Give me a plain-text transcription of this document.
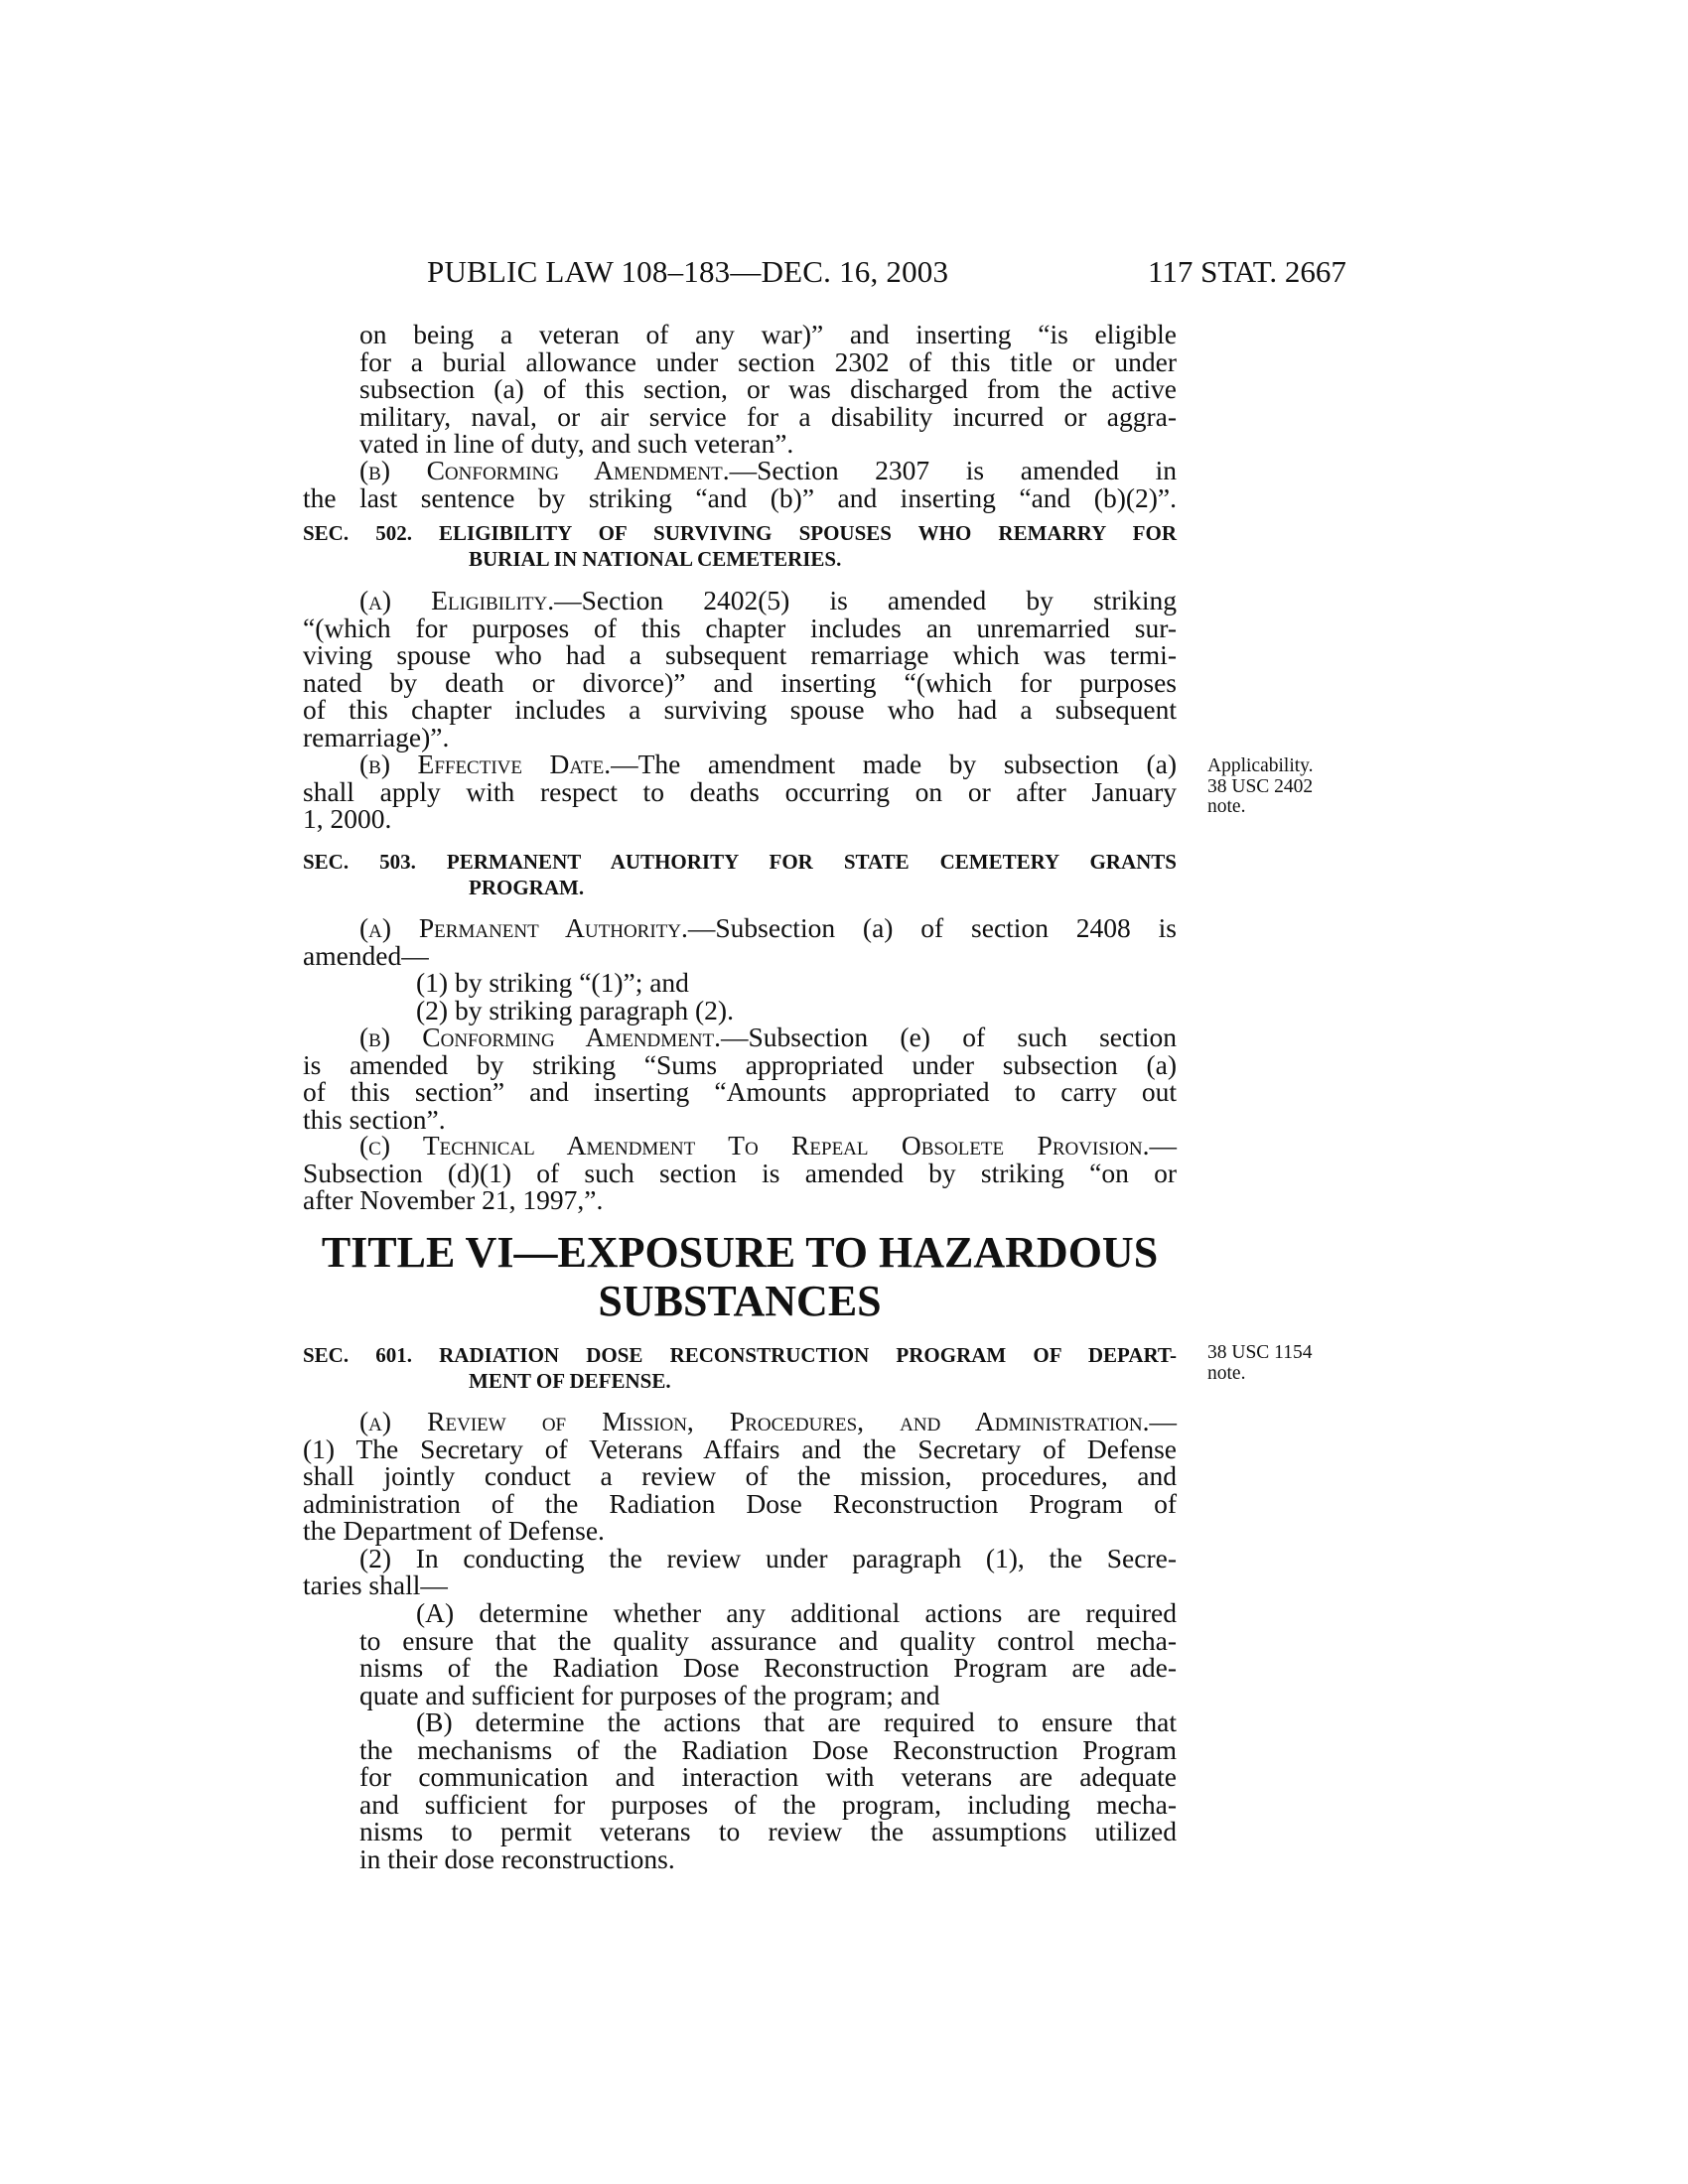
PUBLIC LAW 108–183—DEC. 16, 2003	117 STAT. 2667
on being a veteran of any war)” and inserting “is eligible
for a burial allowance under section 2302 of this title or under
subsection (a) of this section, or was discharged from the active
military, naval, or air service for a disability incurred or aggra-
vated in line of duty, and such veteran”.
(b) Conforming Amendment.—Section 2307 is amended in
the last sentence by striking “and (b)” and inserting “and (b)(2)”.
SEC. 502. ELIGIBILITY OF SURVIVING SPOUSES WHO REMARRY FOR
BURIAL IN NATIONAL CEMETERIES.
(a) Eligibility.—Section 2402(5) is amended by striking
“(which for purposes of this chapter includes an unremarried sur-
viving spouse who had a subsequent remarriage which was termi-
nated by death or divorce)” and inserting “(which for purposes
of this chapter includes a surviving spouse who had a subsequent
remarriage)”.
(b) Effective Date.—The amendment made by subsection (a)
shall apply with respect to deaths occurring on or after January
1, 2000.
Applicability.
38 USC 2402
note.
SEC. 503. PERMANENT AUTHORITY FOR STATE CEMETERY GRANTS
PROGRAM.
(a) Permanent Authority.—Subsection (a) of section 2408 is
amended—
(1) by striking “(1)”; and
(2) by striking paragraph (2).
(b) Conforming Amendment.—Subsection (e) of such section
is amended by striking “Sums appropriated under subsection (a)
of this section” and inserting “Amounts appropriated to carry out
this section”.
(c) Technical Amendment To Repeal Obsolete Provision.—
Subsection (d)(1) of such section is amended by striking “on or
after November 21, 1997,”.
TITLE VI—EXPOSURE TO HAZARDOUS
SUBSTANCES
SEC. 601. RADIATION DOSE RECONSTRUCTION PROGRAM OF DEPART-
MENT OF DEFENSE.
38 USC 1154
note.
(a) Review of Mission, Procedures, and Administration.—
(1) The Secretary of Veterans Affairs and the Secretary of Defense
shall jointly conduct a review of the mission, procedures, and
administration of the Radiation Dose Reconstruction Program of
the Department of Defense.
(2) In conducting the review under paragraph (1), the Secre-
taries shall—
(A) determine whether any additional actions are required
to ensure that the quality assurance and quality control mecha-
nisms of the Radiation Dose Reconstruction Program are ade-
quate and sufficient for purposes of the program; and
(B) determine the actions that are required to ensure that
the mechanisms of the Radiation Dose Reconstruction Program
for communication and interaction with veterans are adequate
and sufficient for purposes of the program, including mecha-
nisms to permit veterans to review the assumptions utilized
in their dose reconstructions.
